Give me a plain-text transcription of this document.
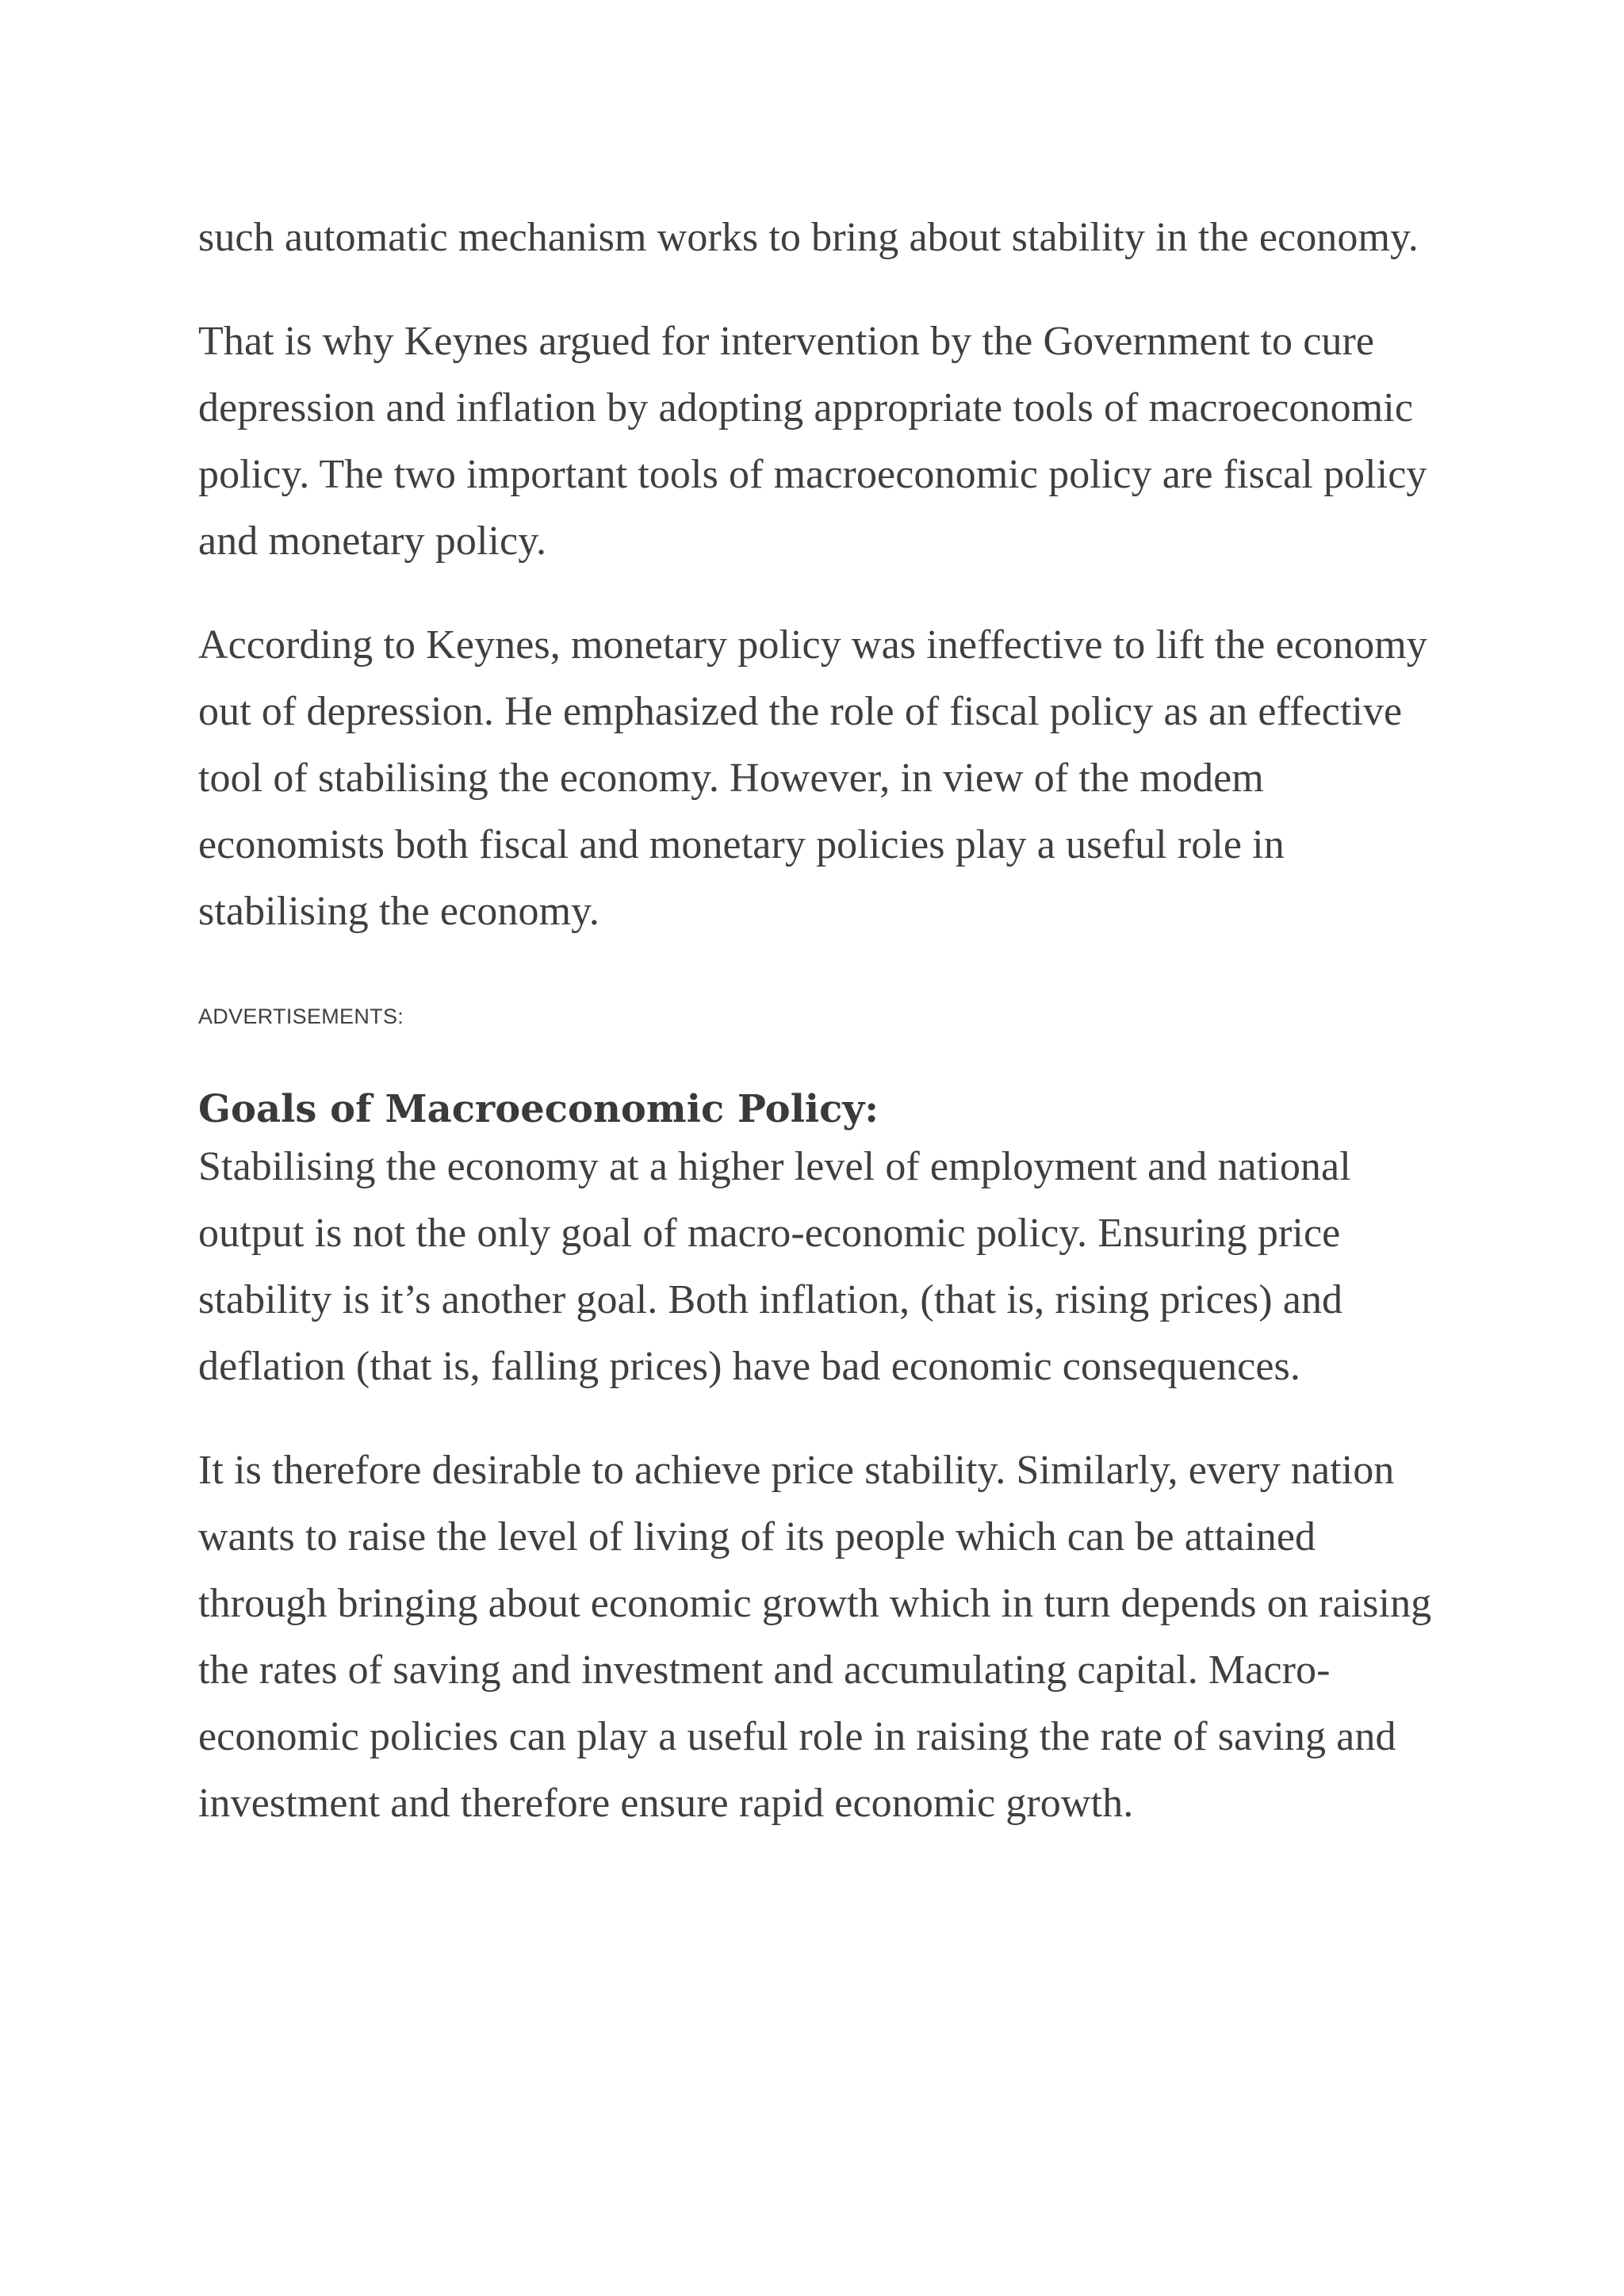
such automatic mechanism works to bring about stability in the economy.

That is why Keynes argued for intervention by the Government to cure depression and inflation by adopting appropriate tools of macroeconomic policy. The two important tools of macroeconomic policy are fiscal policy and monetary policy.

According to Keynes, monetary policy was ineffective to lift the economy out of depression. He emphasized the role of fiscal policy as an effective tool of stabilising the economy. However, in view of the modem economists both fiscal and monetary policies play a useful role in stabilising the economy.

ADVERTISEMENTS:
Goals of Macroeconomic Policy:

Stabilising the economy at a higher level of employment and national output is not the only goal of macro-economic policy. Ensuring price stability is it’s another goal. Both inflation, (that is, rising prices) and deflation (that is, falling prices) have bad economic consequences.

It is therefore desirable to achieve price stability. Similarly, every nation wants to raise the level of living of its people which can be attained through bringing about economic growth which in turn depends on raising the rates of saving and investment and accumulating capital. Macro- economic policies can play a useful role in raising the rate of saving and investment and therefore ensure rapid economic growth.
